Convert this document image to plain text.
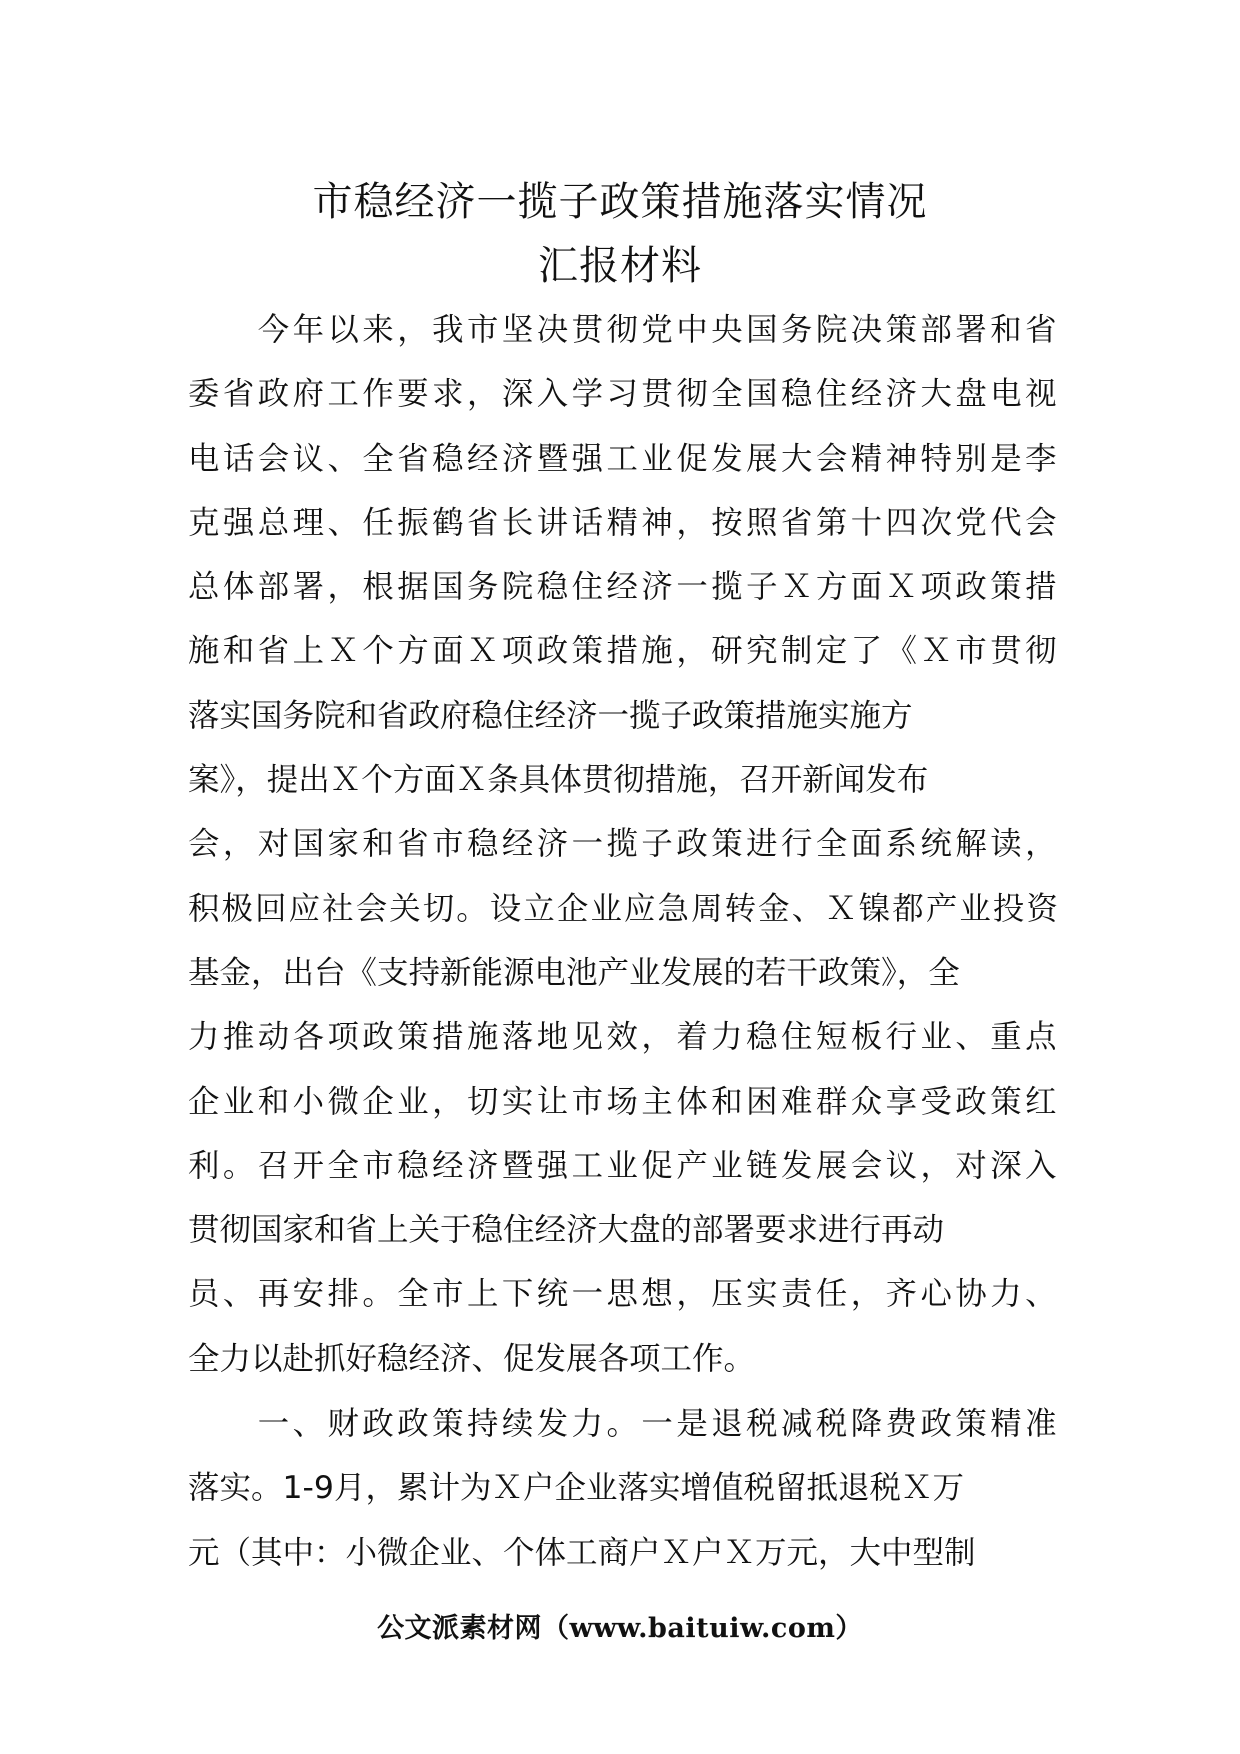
市稳经济一揽子政策措施落实情况
汇报材料
　　今年以来，我市坚决贯彻党中央国务院决策部署和省
委省政府工作要求，深入学习贯彻全国稳住经济大盘电视
电话会议、全省稳经济暨强工业促发展大会精神特别是李
克强总理、任振鹤省长讲话精神，按照省第十四次党代会
总体部署，根据国务院稳住经济一揽子Ｘ方面Ｘ项政策措
施和省上Ｘ个方面Ｘ项政策措施，研究制定了《Ｘ市贯彻
落实国务院和省政府稳住经济一揽子政策措施实施方
案》，提出Ｘ个方面Ｘ条具体贯彻措施，召开新闻发布
会，对国家和省市稳经济一揽子政策进行全面系统解读，
积极回应社会关切。设立企业应急周转金、Ｘ镍都产业投资
基金，出台《支持新能源电池产业发展的若干政策》，全
力推动各项政策措施落地见效，着力稳住短板行业、重点
企业和小微企业，切实让市场主体和困难群众享受政策红
利。召开全市稳经济暨强工业促产业链发展会议，对深入
贯彻国家和省上关于稳住经济大盘的部署要求进行再动
员、再安排。全市上下统一思想，压实责任，齐心协力、
全力以赴抓好稳经济、促发展各项工作。
　　一、财政政策持续发力。一是退税减税降费政策精准
落实。1-9月，累计为Ｘ户企业落实增值税留抵退税Ｘ万
元（其中：小微企业、个体工商户Ｘ户Ｘ万元，大中型制
公文派素材网（www.baituiw.com）
